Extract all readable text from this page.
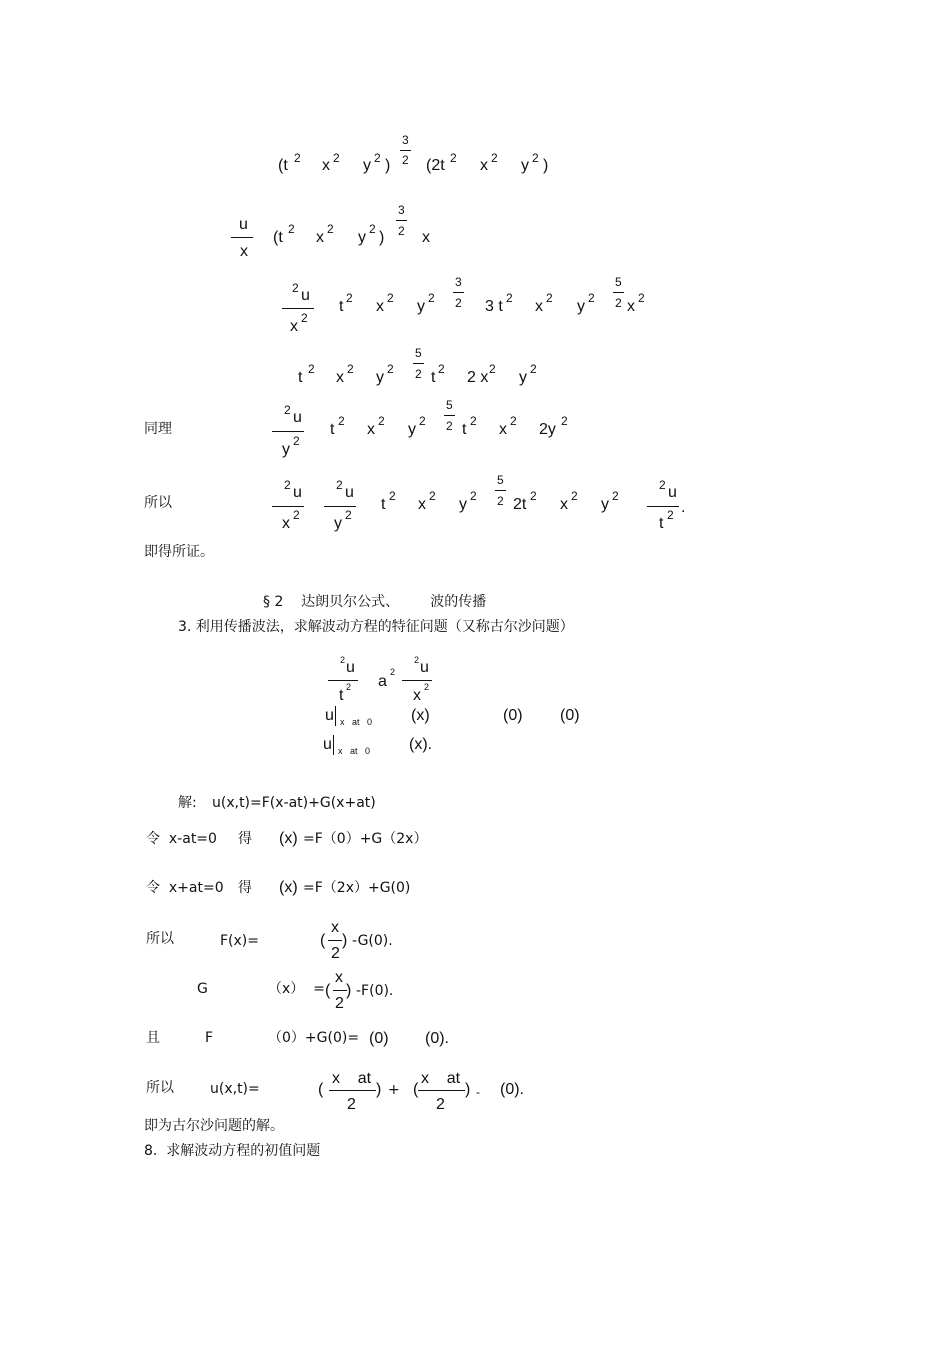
(t 2 x 2 y 2 )
3
2 (2t 2 x 2 y 2 )
u
x
(t 2 x 2 y 2 )
3
2 x
2 u
x 2
t 2 x 2 y 2
3
2 3 t 2 x 2 y 2
5
2 x 2
t 2 x 2 y 2
5
2 t 2 2 x 2 y 2
同理
2 u
y 2
t 2 x 2 y 2
5
2 t 2 x 2 2y 2
所以
2 u
x 2
2 u
y 2
t 2 x 2 y 2
5
2 2t 2 x 2 y 2
2 u
t 2 .
即得所证。
§ 2    达朗贝尔公式、       波的传播
3. 利用传播波法，求解波动方程的特征问题（又称古尔沙问题）
2 u
t 2 a
2
2 u
x 2
u x   at   0 (x)	(0) (0)
u x   at   0 (x).
解: u(x,t)=F(x-at)+G(x+at)
令  x-at=0 得 (x) =F（0）+G（2x）
令  x+at=0 得 (x) =F（2x）+G(0)
所以	F(x)=	(
x
2
) -G(0).
G	（x）  = (
x
2
) -F(0).
且	F	（0）+G(0)= (0) (0).
所以	u(x,t)=	(
x    at
2
) + (
x    at
2
) - (0).
即为古尔沙问题的解。
8.  求解波动方程的初值问题
